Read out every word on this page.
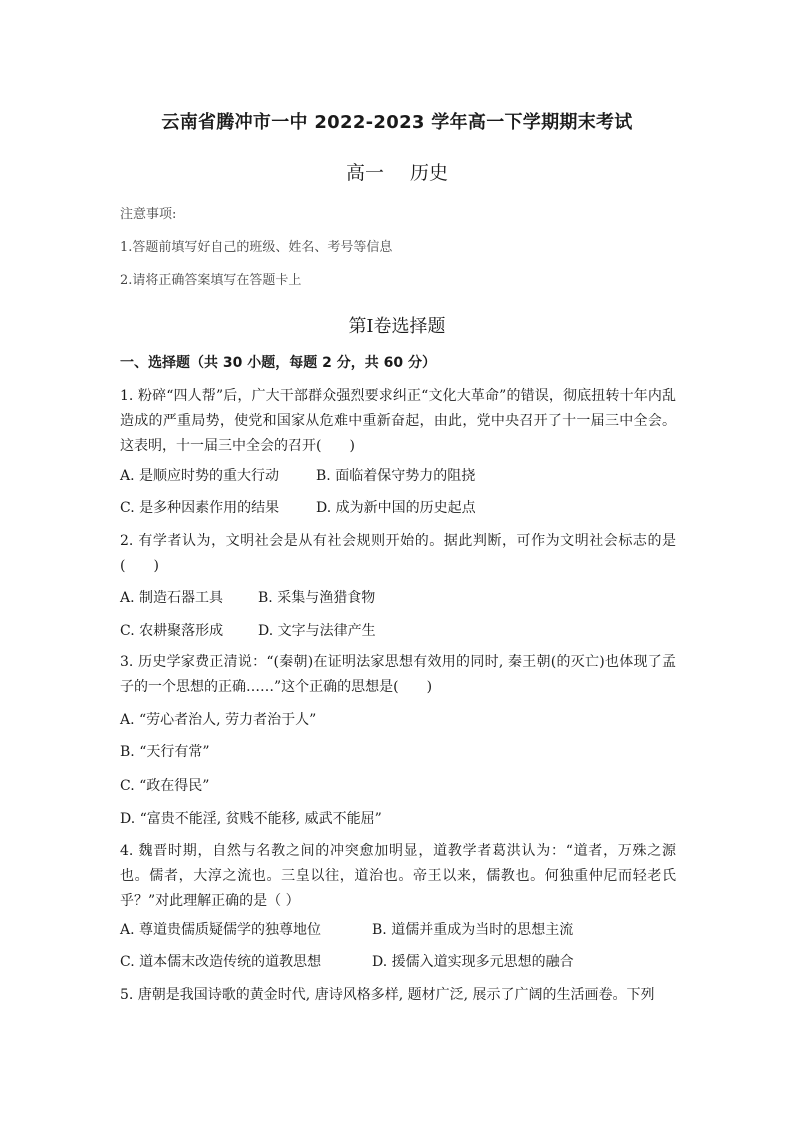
云南省腾冲市一中 2022-2023 学年高一下学期期末考试
高一 历史
注意事项:
1.答题前填写好自己的班级、姓名、考号等信息
2.请将正确答案填写在答题卡上
第Ⅰ卷选择题
一、选择题（共 30 小题，每题 2 分，共 60 分）
1. 粉碎“四人帮”后，广大干部群众强烈要求纠正“文化大革命”的错误，彻底扭转十年内乱造成的严重局势，使党和国家从危难中重新奋起，由此，党中央召开了十一届三中全会。这表明，十一届三中全会的召开(　　)
A. 是顺应时势的重大行动	B. 面临着保守势力的阻挠
C. 是多种因素作用的结果	D. 成为新中国的历史起点
2. 有学者认为，文明社会是从有社会规则开始的。据此判断，可作为文明社会标志的是(　　)
A. 制造石器工具 B. 采集与渔猎食物
C. 农耕聚落形成 D. 文字与法律产生
3. 历史学家费正清说：“(秦朝)在证明法家思想有效用的同时, 秦王朝(的灭亡)也体现了孟子的一个思想的正确……”这个正确的思想是(　　)
A. “劳心者治人, 劳力者治于人”
B. “天行有常”
C. “政在得民”
D. “富贵不能淫, 贫贱不能移, 威武不能屈”
4. 魏晋时期，自然与名教之间的冲突愈加明显，道教学者葛洪认为：“道者，万殊之源也。儒者，大淳之流也。三皇以往，道治也。帝王以来，儒教也。何独重仲尼而轻老氏乎？”对此理解正确的是（ ）
A. 尊道贵儒质疑儒学的独尊地位	B. 道儒并重成为当时的思想主流
C. 道本儒末改造传统的道教思想	D. 援儒入道实现多元思想的融合
5. 唐朝是我国诗歌的黄金时代, 唐诗风格多样, 题材广泛, 展示了广阔的生活画卷。下列
